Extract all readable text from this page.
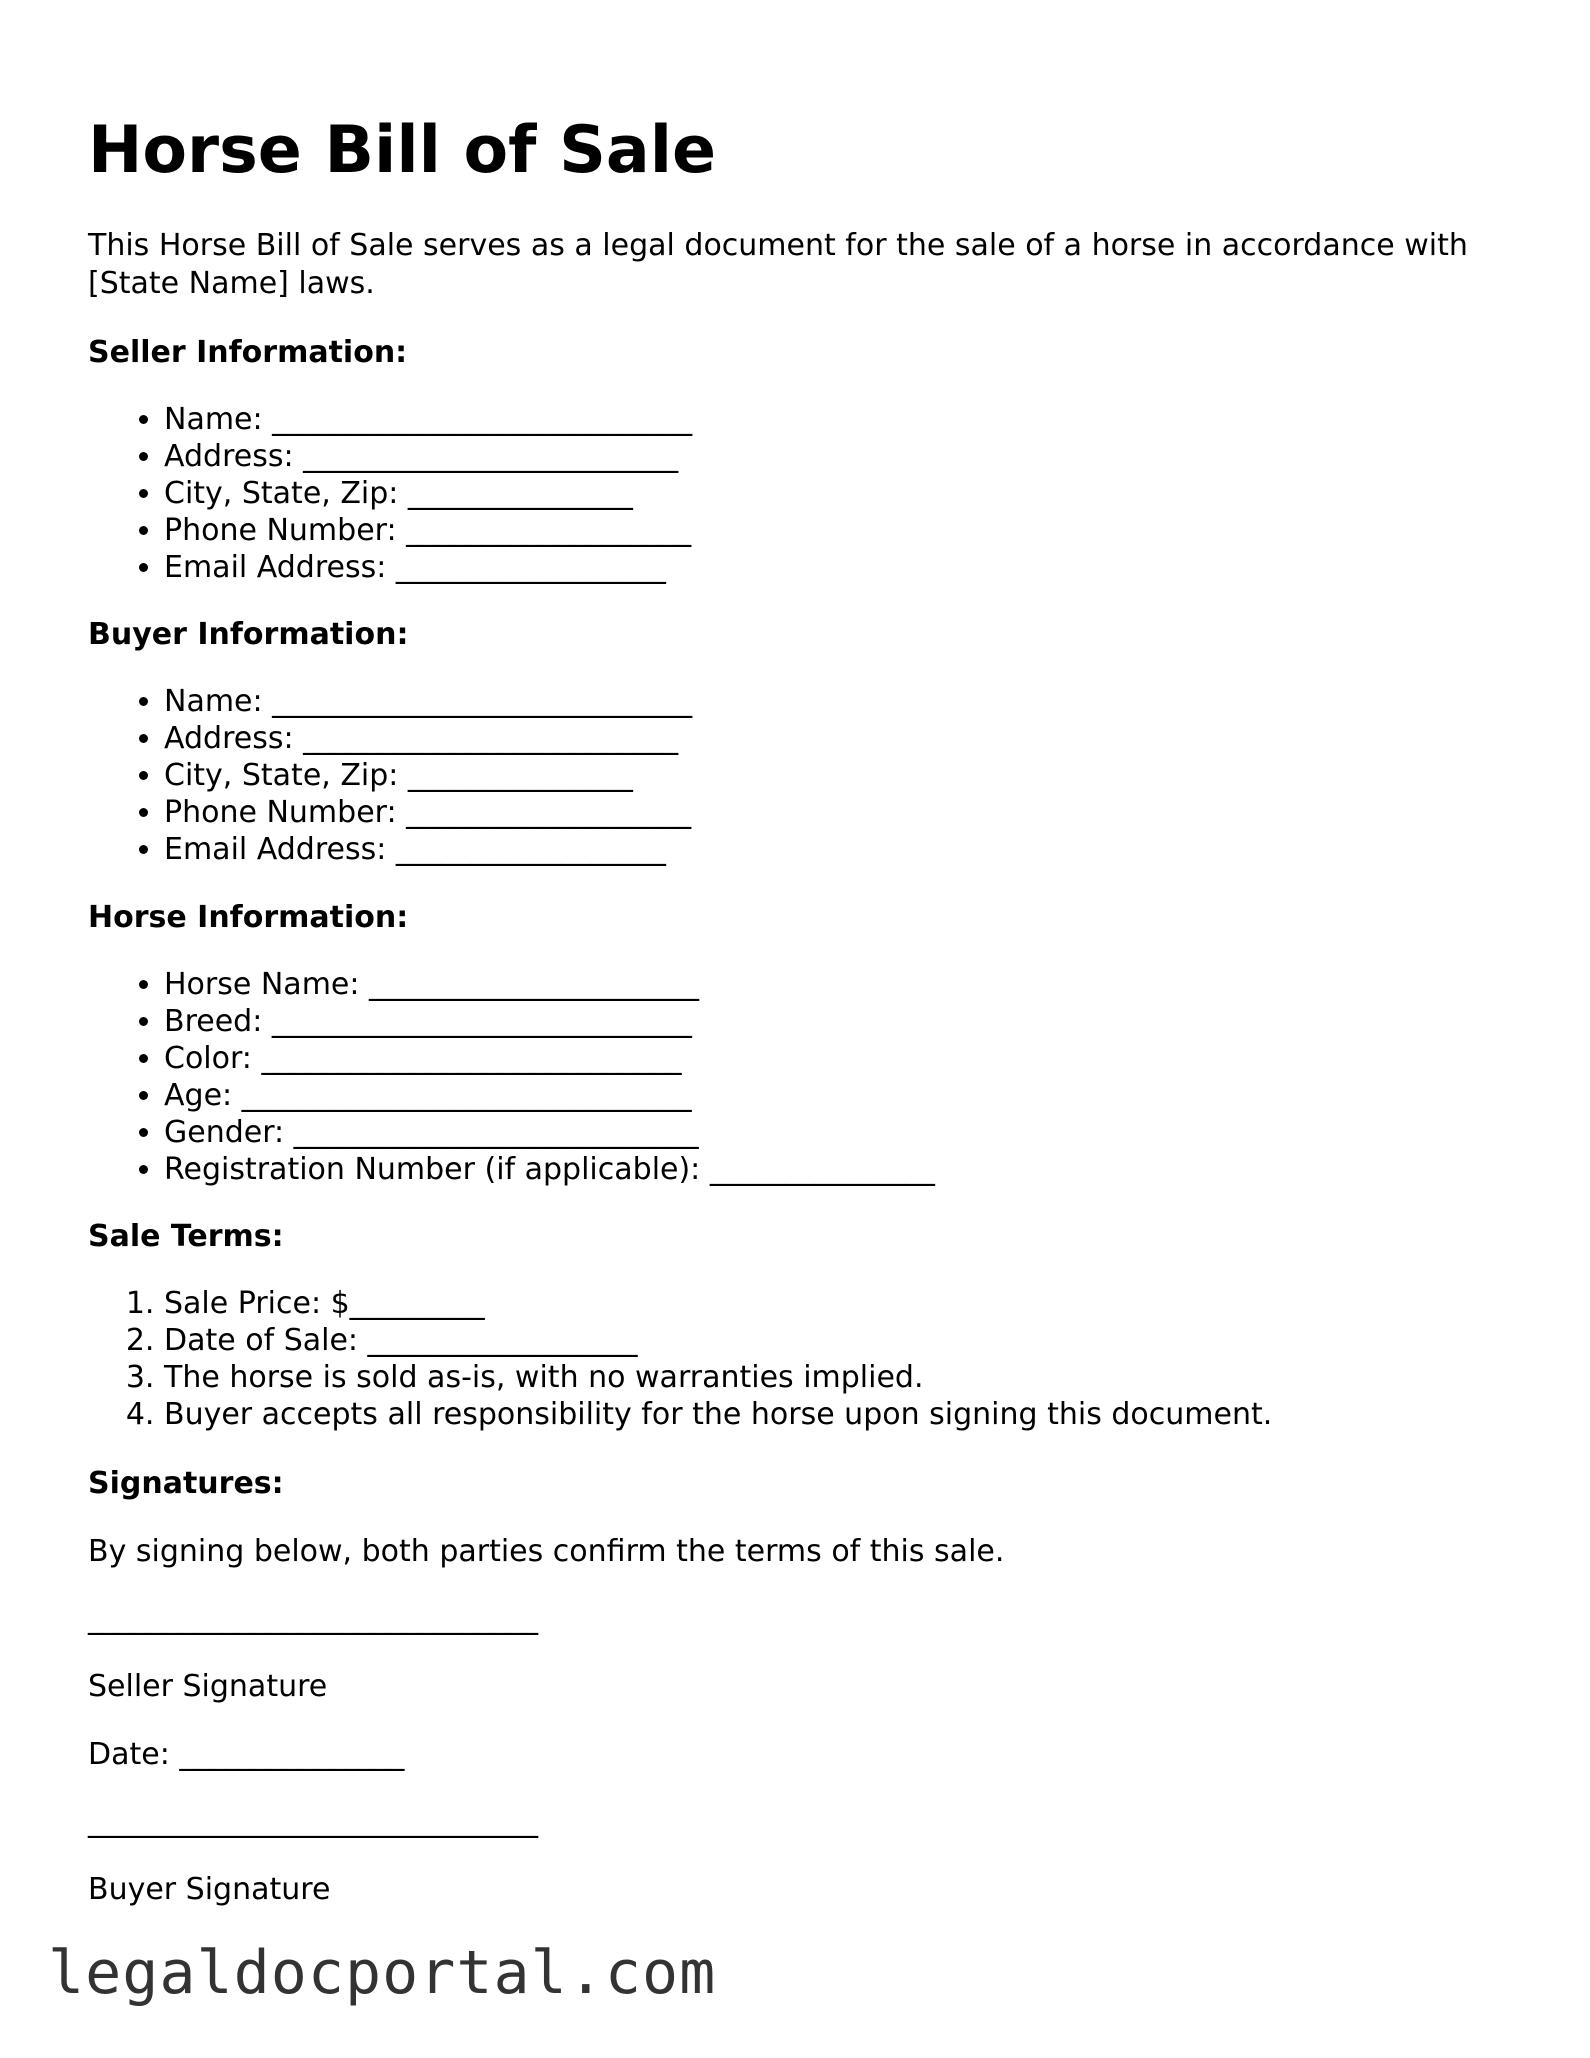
Horse Bill of Sale

This Horse Bill of Sale serves as a legal document for the sale of a horse in accordance with [State Name] laws.

Seller Information:
• Name: ____________________________
• Address: _________________________
• City, State, Zip: _______________
• Phone Number: ___________________
• Email Address: __________________
Buyer Information:
• Name: ____________________________
• Address: _________________________
• City, State, Zip: _______________
• Phone Number: ___________________
• Email Address: __________________
Horse Information:
• Horse Name: ______________________
• Breed: ____________________________
• Color: ____________________________
• Age: ______________________________
• Gender: ___________________________
• Registration Number (if applicable): _______________
Sale Terms:
1. Sale Price: $_________
2. Date of Sale: __________________
3. The horse is sold as-is, with no warranties implied.
4. Buyer accepts all responsibility for the horse upon signing this document.
Signatures:

By signing below, both parties confirm the terms of this sale.

______________________________

Seller Signature

Date: _______________

______________________________

Buyer Signature

legaldocportal.com
